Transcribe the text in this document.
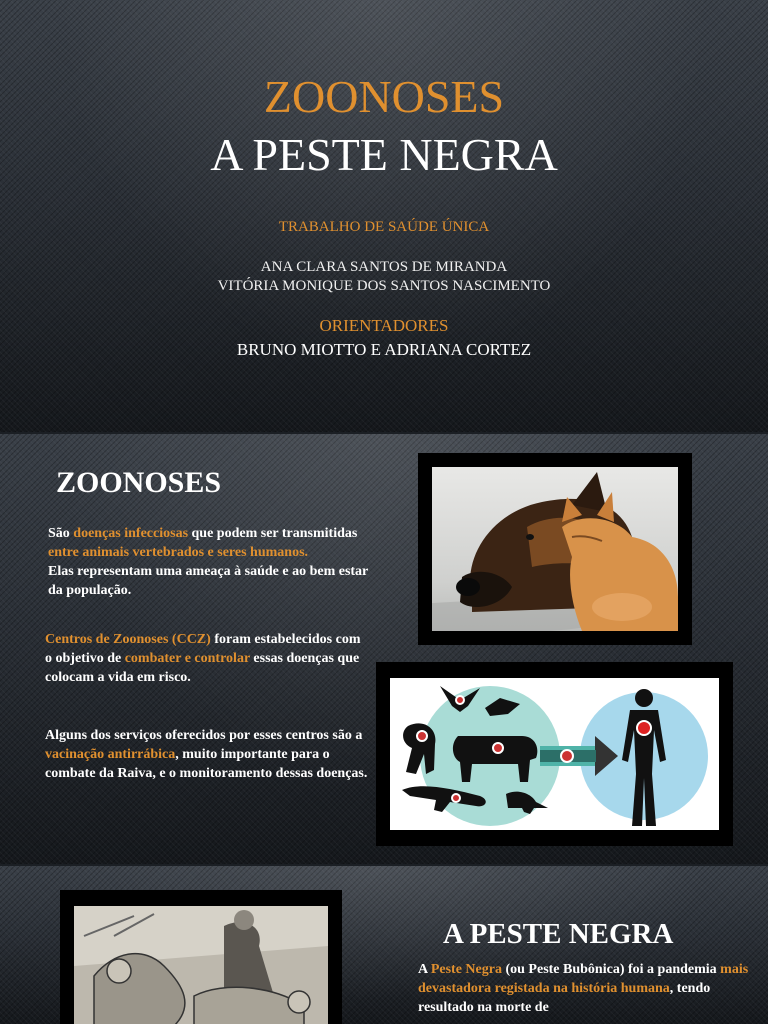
ZOONOSES
A PESTE NEGRA
TRABALHO DE SAÚDE ÚNICA
ANA CLARA SANTOS DE MIRANDA
VITÓRIA MONIQUE DOS SANTOS NASCIMENTO
ORIENTADORES
BRUNO MIOTTO E ADRIANA CORTEZ
ZOONOSES
São doenças infecciosas que podem ser transmitidas entre animais vertebrados e seres humanos.
Elas representam uma ameaça à saúde e ao bem estar da população.
Centros de Zoonoses (CCZ) foram estabelecidos com o objetivo de combater e controlar essas doenças que colocam a vida em risco.
Alguns dos serviços oferecidos por esses centros são a vacinação antirrábica, muito importante para o combate da Raiva, e o monitoramento dessas doenças.
A PESTE NEGRA
A Peste Negra (ou Peste Bubônica) foi a pandemia mais devastadora registada na história humana, tendo resultado na morte de
